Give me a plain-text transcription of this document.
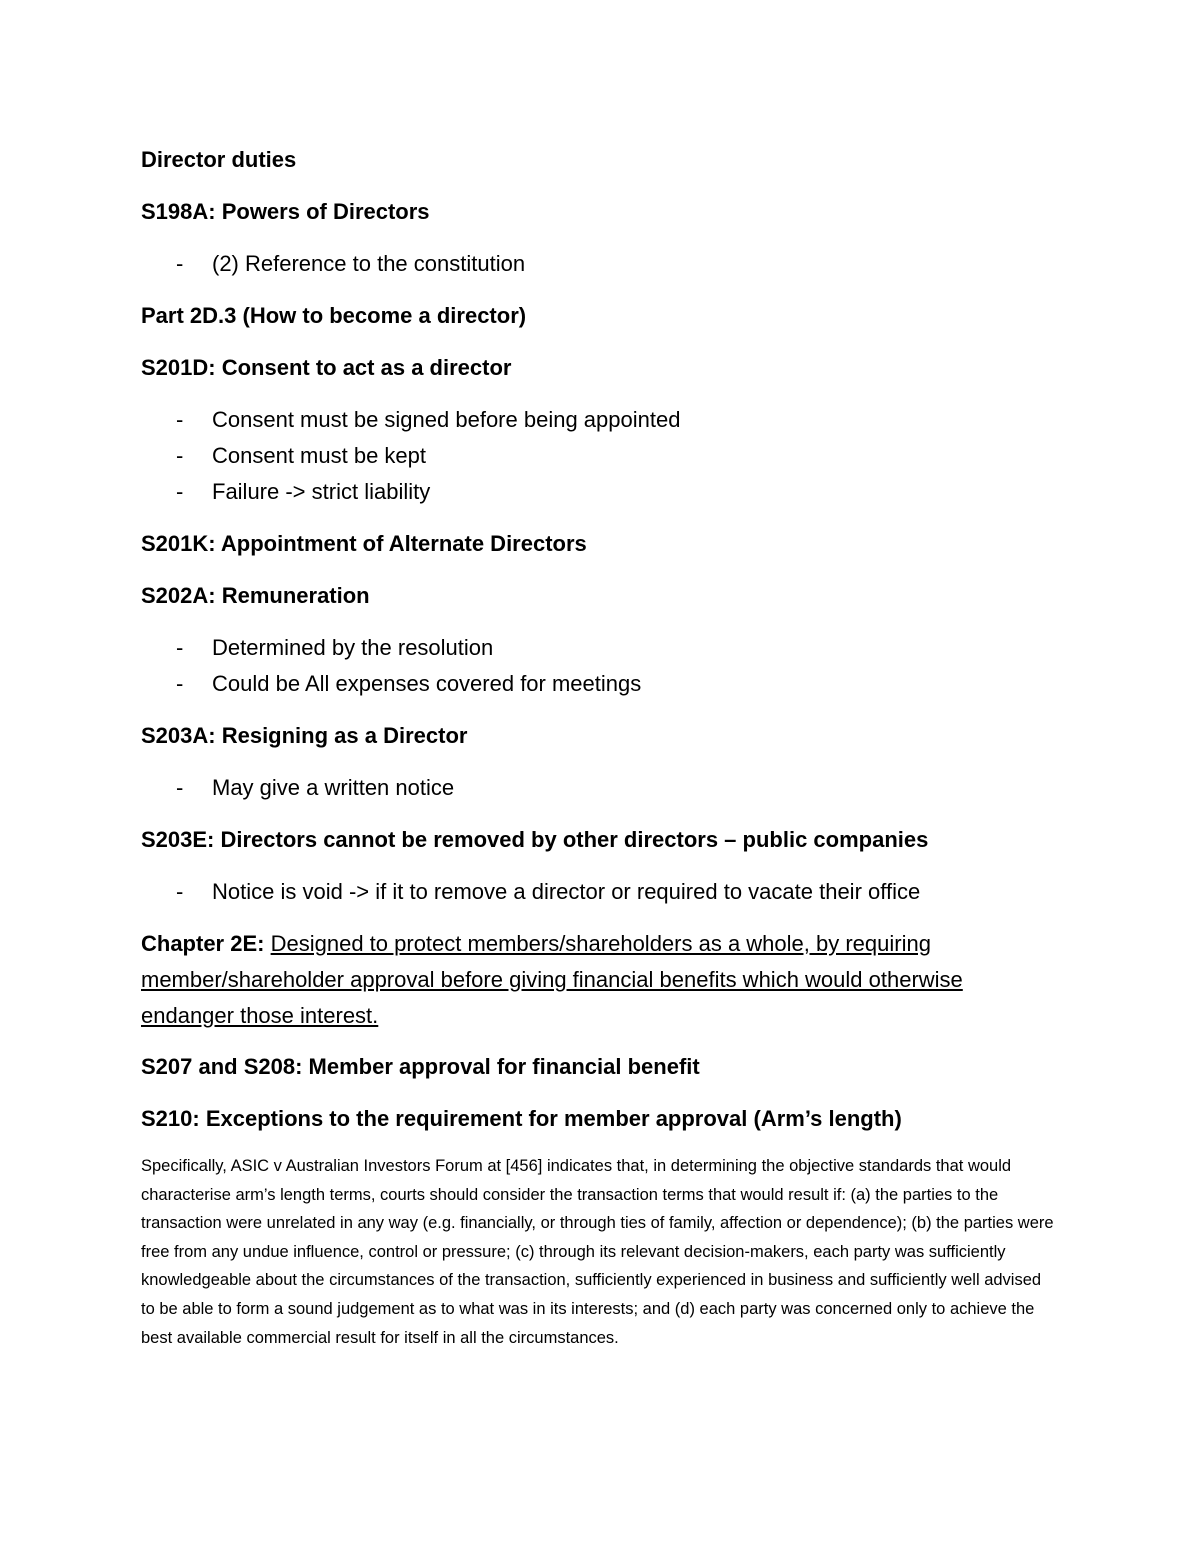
Director duties
S198A: Powers of Directors
- (2) Reference to the constitution
Part 2D.3 (How to become a director)
S201D: Consent to act as a director
- Consent must be signed before being appointed
- Consent must be kept
- Failure -> strict liability
S201K: Appointment of Alternate Directors
S202A: Remuneration
- Determined by the resolution
- Could be All expenses covered for meetings
S203A: Resigning as a Director
- May give a written notice
S203E: Directors cannot be removed by other directors – public companies
- Notice is void -> if it to remove a director or required to vacate their office
Chapter 2E: Designed to protect members/shareholders as a whole, by requiring member/shareholder approval before giving financial benefits which would otherwise endanger those interest.
S207 and S208: Member approval for financial benefit
S210: Exceptions to the requirement for member approval (Arm’s length)
Specifically, ASIC v Australian Investors Forum at [456] indicates that, in determining the objective standards that would characterise arm’s length terms, courts should consider the transaction terms that would result if: (a) the parties to the transaction were unrelated in any way (e.g. financially, or through ties of family, affection or dependence); (b) the parties were free from any undue influence, control or pressure; (c) through its relevant decision-makers, each party was sufficiently knowledgeable about the circumstances of the transaction, sufficiently experienced in business and sufficiently well advised to be able to form a sound judgement as to what was in its interests; and (d) each party was concerned only to achieve the best available commercial result for itself in all the circumstances.
